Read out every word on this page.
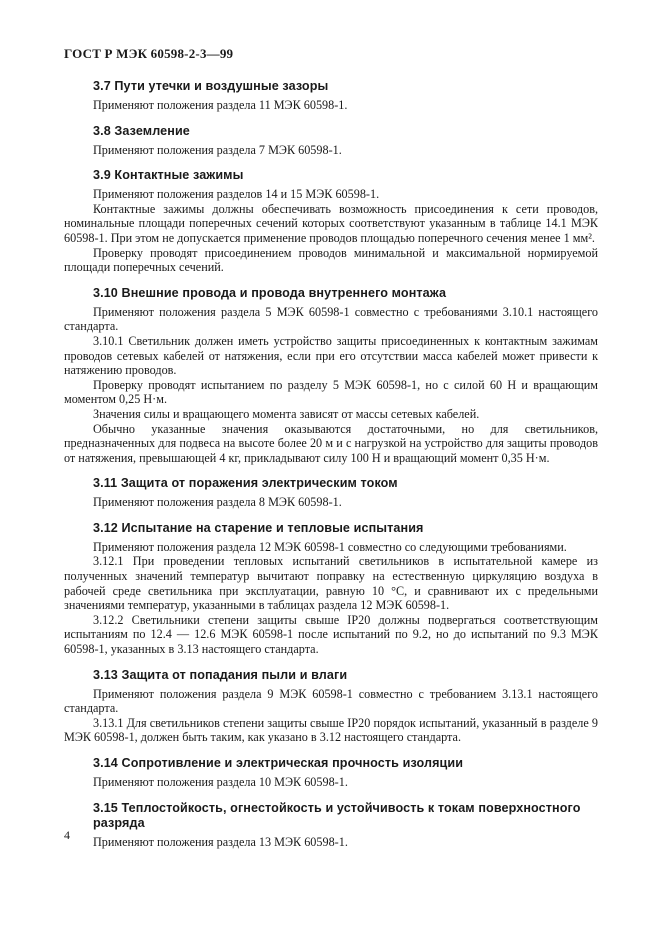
ГОСТ Р МЭК 60598-2-3—99
3.7 Пути утечки и воздушные зазоры

Применяют положения раздела 11 МЭК 60598-1.

3.8 Заземление

Применяют положения раздела 7 МЭК 60598-1.

3.9 Контактные зажимы

Применяют положения разделов 14 и 15 МЭК 60598-1.

Контактные зажимы должны обеспечивать возможность присоединения к сети проводов, номинальные площади поперечных сечений которых соответствуют указанным в таблице 14.1 МЭК 60598-1. При этом не допускается применение проводов площадью поперечного сечения менее 1 мм².

Проверку проводят присоединением проводов минимальной и максимальной нормируемой площади поперечных сечений.

3.10 Внешние провода и провода внутреннего монтажа

Применяют положения раздела 5 МЭК 60598-1 совместно с требованиями 3.10.1 настоящего стандарта.

3.10.1 Светильник должен иметь устройство защиты присоединенных к контактным зажимам проводов сетевых кабелей от натяжения, если при его отсутствии масса кабелей может привести к натяжению проводов.

Проверку проводят испытанием по разделу 5 МЭК 60598-1, но с силой 60 Н и вращающим моментом 0,25 Н·м.

Значения силы и вращающего момента зависят от массы сетевых кабелей.

Обычно указанные значения оказываются достаточными, но для светильников, предназначенных для подвеса на высоте более 20 м и с нагрузкой на устройство для защиты проводов от натяжения, превышающей 4 кг, прикладывают силу 100 Н и вращающий момент 0,35 Н·м.

3.11 Защита от поражения электрическим током

Применяют положения раздела 8 МЭК 60598-1.

3.12 Испытание на старение и тепловые испытания

Применяют положения раздела 12 МЭК 60598-1 совместно со следующими требованиями.

3.12.1 При проведении тепловых испытаний светильников в испытательной камере из полученных значений температур вычитают поправку на естественную циркуляцию воздуха в рабочей среде светильника при эксплуатации, равную 10 °С, и сравнивают их с предельными значениями температур, указанными в таблицах раздела 12 МЭК 60598-1.

3.12.2 Светильники степени защиты свыше IP20 должны подвергаться соответствующим испытаниям по 12.4 — 12.6 МЭК 60598-1 после испытаний по 9.2, но до испытаний по 9.3 МЭК 60598-1, указанных в 3.13 настоящего стандарта.

3.13 Защита от попадания пыли и влаги

Применяют положения раздела 9 МЭК 60598-1 совместно с требованием 3.13.1 настоящего стандарта.

3.13.1 Для светильников степени защиты свыше IP20 порядок испытаний, указанный в разделе 9 МЭК 60598-1, должен быть таким, как указано в 3.12 настоящего стандарта.

3.14 Сопротивление и электрическая прочность изоляции

Применяют положения раздела 10 МЭК 60598-1.

3.15 Теплостойкость, огнестойкость и устойчивость к токам поверхностного разряда

Применяют положения раздела 13 МЭК 60598-1.

4
